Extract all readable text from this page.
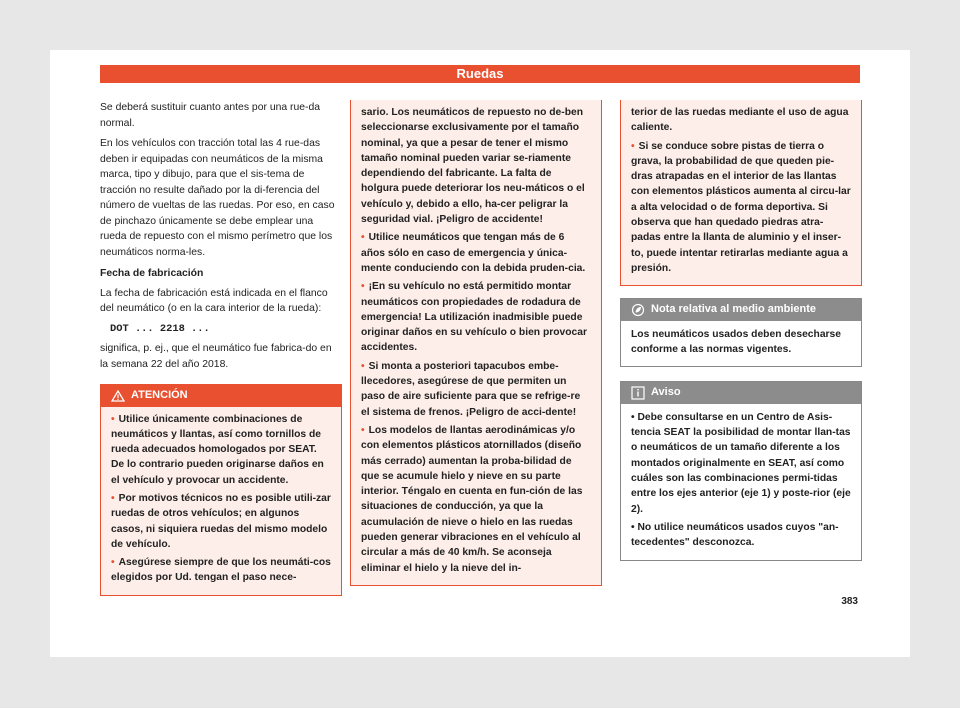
Ruedas

Se deberá sustituir cuanto antes por una rue-da normal.

En los vehículos con tracción total las 4 rue-das deben ir equipadas con neumáticos de la misma marca, tipo y dibujo, para que el sis-tema de tracción no resulte dañado por la di-ferencia del número de vueltas de las ruedas. Por eso, en caso de pinchazo únicamente se debe emplear una rueda de repuesto con el mismo perímetro que los neumáticos norma-les.

Fecha de fabricación

La fecha de fabricación está indicada en el flanco del neumático (o en la cara interior de la rueda):

DOT ... 2218 ...

significa, p. ej., que el neumático fue fabrica-do en la semana 22 del año 2018.

ATENCIÓN

• Utilice únicamente combinaciones de neumáticos y llantas, así como tornillos de rueda adecuados homologados por SEAT. De lo contrario pueden originarse daños en el vehículo y provocar un accidente.

• Por motivos técnicos no es posible utili-zar ruedas de otros vehículos; en algunos casos, ni siquiera ruedas del mismo modelo de vehículo.

• Asegúrese siempre de que los neumáti-cos elegidos por Ud. tengan el paso nece-

sario. Los neumáticos de repuesto no de-ben seleccionarse exclusivamente por el tamaño nominal, ya que a pesar de tener el mismo tamaño nominal pueden variar se-riamente dependiendo del fabricante. La falta de holgura puede deteriorar los neu-máticos o el vehículo y, debido a ello, ha-cer peligrar la seguridad vial. ¡Peligro de accidente!

• Utilice neumáticos que tengan más de 6 años sólo en caso de emergencia y única-mente conduciendo con la debida pruden-cia.

• ¡En su vehículo no está permitido montar neumáticos con propiedades de rodadura de emergencia! La utilización inadmisible puede originar daños en su vehículo o bien provocar accidentes.

• Si monta a posteriori tapacubos embe-llecedores, asegúrese de que permiten un paso de aire suficiente para que se refrige-re el sistema de frenos. ¡Peligro de acci-dente!

• Los modelos de llantas aerodinámicas y/o con elementos plásticos atornillados (diseño más cerrado) aumentan la proba-bilidad de que se acumule hielo y nieve en su parte interior. Téngalo en cuenta en fun-ción de las situaciones de conducción, ya que la acumulación de nieve o hielo en las ruedas pueden generar vibraciones en el vehículo al circular a más de 40 km/h. Se aconseja eliminar el hielo y la nieve del in-

terior de las ruedas mediante el uso de agua caliente.

• Si se conduce sobre pistas de tierra o grava, la probabilidad de que queden pie-dras atrapadas en el interior de las llantas con elementos plásticos aumenta al circu-lar a alta velocidad o de forma deportiva. Si observa que han quedado piedras atra-padas entre la llanta de aluminio y el inser-to, puede intentar retirarlas mediante agua a presión.

Nota relativa al medio ambiente

Los neumáticos usados deben desecharse conforme a las normas vigentes.

Aviso

• Debe consultarse en un Centro de Asis-tencia SEAT la posibilidad de montar llan-tas o neumáticos de un tamaño diferente a los montados originalmente en SEAT, así como cuáles son las combinaciones permi-tidas entre los ejes anterior (eje 1) y poste-rior (eje 2).

• No utilice neumáticos usados cuyos "an-tecedentes" desconozca.

383
